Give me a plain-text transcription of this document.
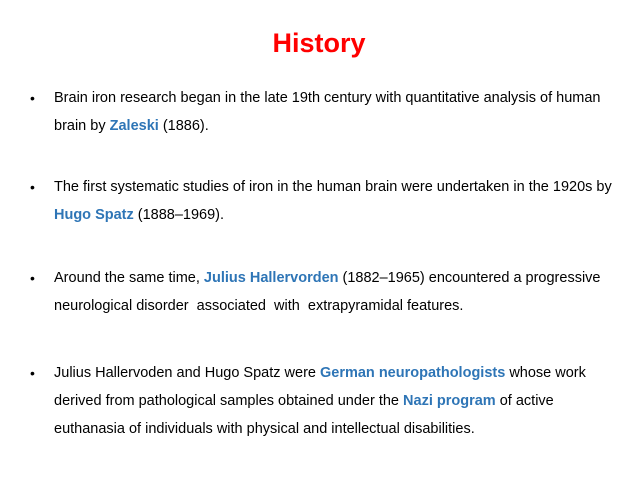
History
• Brain iron research began in the late 19th century with quantitative analysis of human brain by Zaleski (1886).
• The first systematic studies of iron in the human brain were undertaken in the 1920s by Hugo Spatz (1888–1969).
• Around the same time, Julius Hallervorden (1882–1965) encountered a progressive neurological disorder  associated  with  extrapyramidal features.
• Julius Hallervoden and Hugo Spatz were German neuropathologists whose work derived from pathological samples obtained under the Nazi program of active euthanasia of individuals with physical and intellectual disabilities.
